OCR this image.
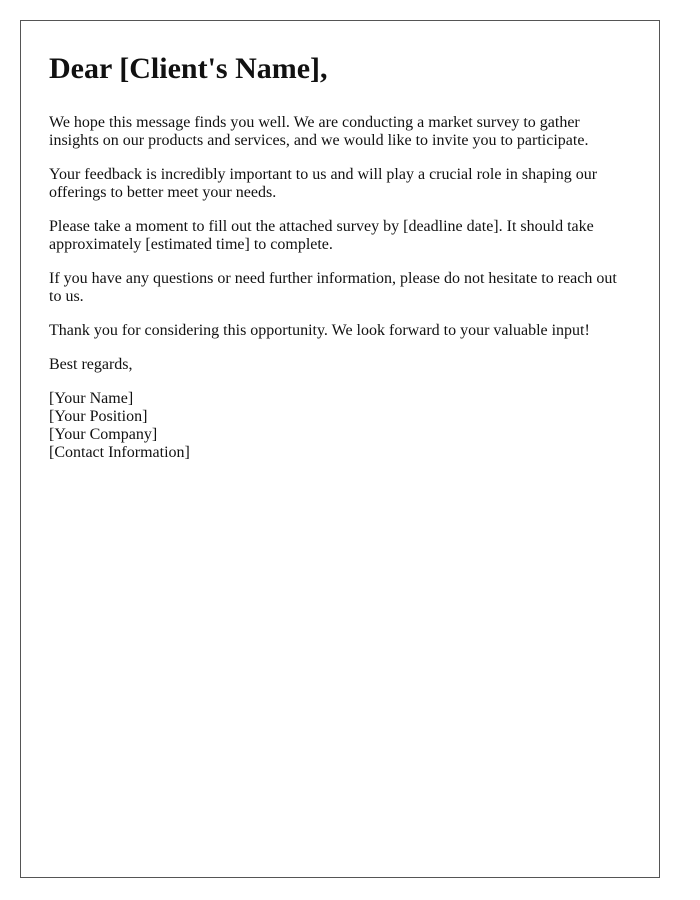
Dear [Client's Name],

We hope this message finds you well. We are conducting a market survey to gather insights on our products and services, and we would like to invite you to participate.

Your feedback is incredibly important to us and will play a crucial role in shaping our offerings to better meet your needs.

Please take a moment to fill out the attached survey by [deadline date]. It should take approximately [estimated time] to complete.

If you have any questions or need further information, please do not hesitate to reach out to us.

Thank you for considering this opportunity. We look forward to your valuable input!

Best regards,

[Your Name]
[Your Position]
[Your Company]
[Contact Information]
